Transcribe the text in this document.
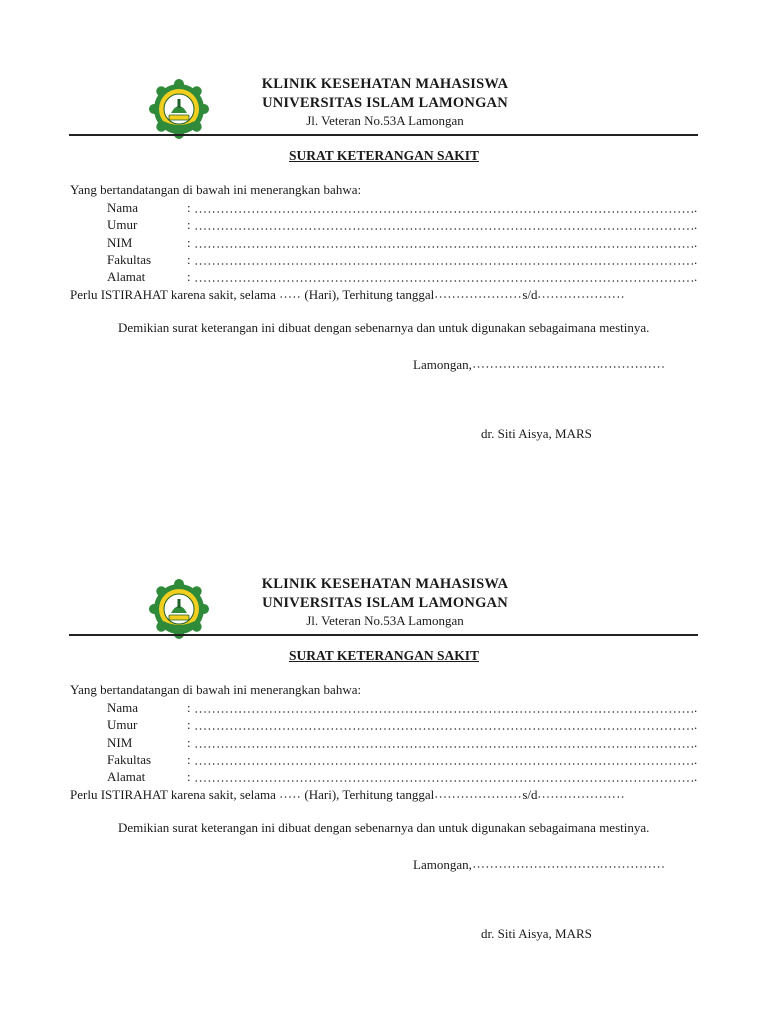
KLINIK KESEHATAN MAHASISWA
UNIVERSITAS ISLAM LAMONGAN
Jl. Veteran No.53A Lamongan
SURAT KETERANGAN SAKIT
Yang bertandatangan di bawah ini menerangkan bahwa:
Nama	:	.
Umur	:	.
NIM	:	.
Fakultas	:	.
Alamat	:	.
Perlu ISTIRAHAT karena sakit, selama (Hari), Terhitung tanggal	s/d
Demikian surat keterangan ini dibuat dengan sebenarnya dan untuk digunakan sebagaimana mestinya.
Lamongan,
dr. Siti Aisya, MARS
KLINIK KESEHATAN MAHASISWA
UNIVERSITAS ISLAM LAMONGAN
Jl. Veteran No.53A Lamongan
SURAT KETERANGAN SAKIT
Yang bertandatangan di bawah ini menerangkan bahwa:
Nama	:	.
Umur	:	.
NIM	:	.
Fakultas	:	.
Alamat	:	.
Perlu ISTIRAHAT karena sakit, selama (Hari), Terhitung tanggal	s/d
Demikian surat keterangan ini dibuat dengan sebenarnya dan untuk digunakan sebagaimana mestinya.
Lamongan,
dr. Siti Aisya, MARS
